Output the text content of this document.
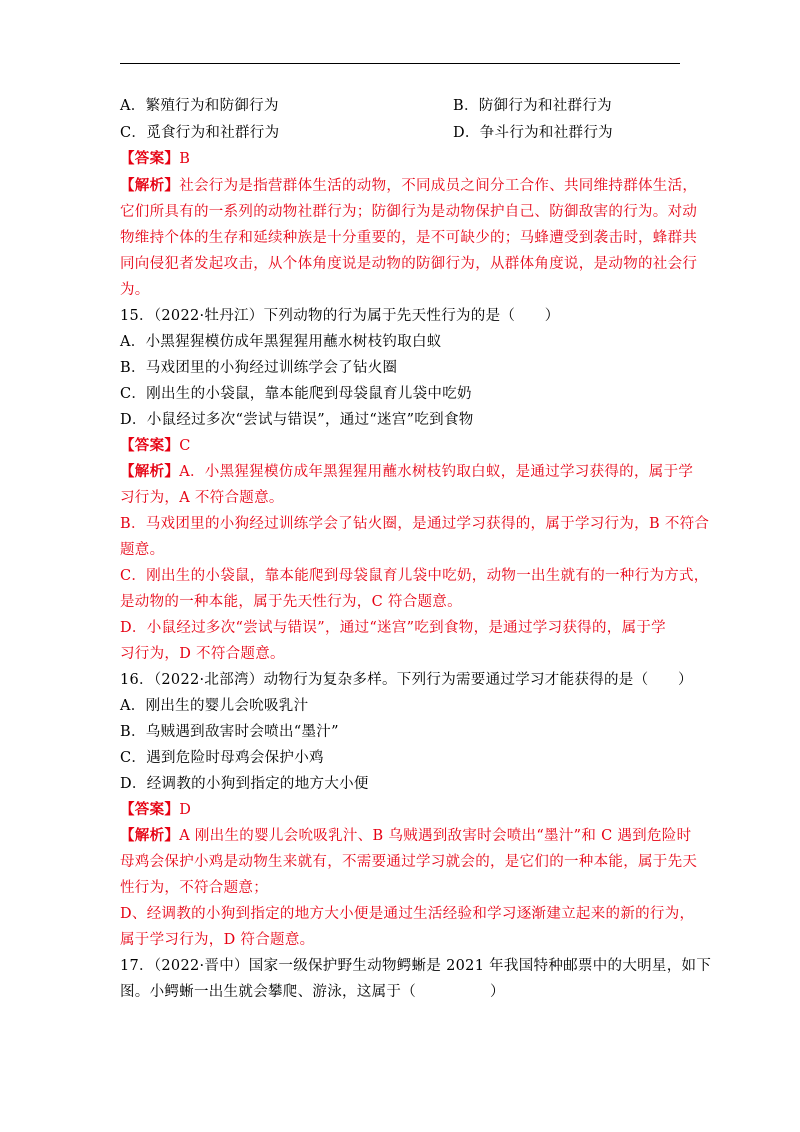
A．繁殖行为和防御行为	B．防御行为和社群行为
C．觅食行为和社群行为	D．争斗行为和社群行为
【答案】B
【解析】社会行为是指营群体生活的动物，不同成员之间分工合作、共同维持群体生活，
它们所具有的一系列的动物社群行为；防御行为是动物保护自己、防御敌害的行为。对动
物维持个体的生存和延续种族是十分重要的，是不可缺少的；马蜂遭受到袭击时，蜂群共
同向侵犯者发起攻击，从个体角度说是动物的防御行为，从群体角度说，是动物的社会行
为。
15．（2022·牡丹江）下列动物的行为属于先天性行为的是（　　）
A．小黑猩猩模仿成年黑猩猩用蘸水树枝钓取白蚁
B．马戏团里的小狗经过训练学会了钻火圈
C．刚出生的小袋鼠，靠本能爬到母袋鼠育儿袋中吃奶
D．小鼠经过多次“尝试与错误”，通过“迷宫”吃到食物
【答案】C
【解析】A．小黑猩猩模仿成年黑猩猩用蘸水树枝钓取白蚁，是通过学习获得的，属于学
习行为，A 不符合题意。
B．马戏团里的小狗经过训练学会了钻火圈，是通过学习获得的，属于学习行为，B 不符合
题意。
C．刚出生的小袋鼠，靠本能爬到母袋鼠育儿袋中吃奶，动物一出生就有的一种行为方式，
是动物的一种本能，属于先天性行为，C 符合题意。
D．小鼠经过多次“尝试与错误”，通过“迷宫”吃到食物，是通过学习获得的，属于学
习行为，D 不符合题意。
16．（2022·北部湾）动物行为复杂多样。下列行为需要通过学习才能获得的是（　　）
A．刚出生的婴儿会吮吸乳汁
B．乌贼遇到敌害时会喷出“墨汁”
C．遇到危险时母鸡会保护小鸡
D．经调教的小狗到指定的地方大小便
【答案】D
【解析】A 刚出生的婴儿会吮吸乳汁、B 乌贼遇到敌害时会喷出“墨汁”和 C 遇到危险时
母鸡会保护小鸡是动物生来就有，不需要通过学习就会的，是它们的一种本能，属于先天
性行为，不符合题意；
D、经调教的小狗到指定的地方大小便是通过生活经验和学习逐渐建立起来的新的行为，
属于学习行为，D 符合题意。
17．（2022·晋中）国家一级保护野生动物鳄蜥是 2021 年我国特种邮票中的大明星，如下
图。小鳄蜥一出生就会攀爬、游泳，这属于（　　　　　）
